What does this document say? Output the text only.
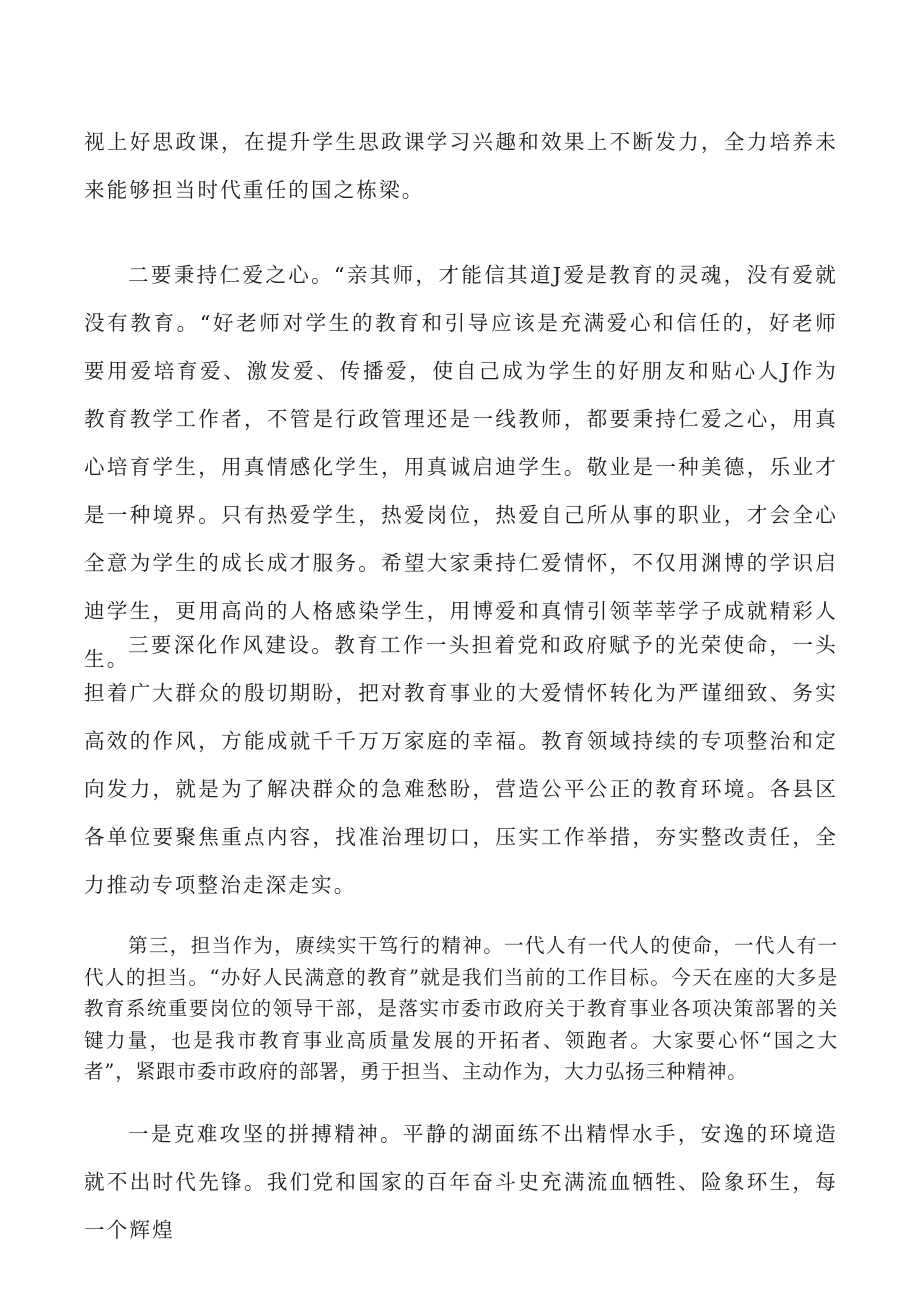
视上好思政课，在提升学生思政课学习兴趣和效果上不断发力，全力培养未来能够担当时代重任的国之栋梁。

二要秉持仁爱之心。“亲其师，才能信其道J爱是教育的灵魂，没有爱就没有教育。“好老师对学生的教育和引导应该是充满爱心和信任的，好老师要用爱培育爱、激发爱、传播爱，使自己成为学生的好朋友和贴心人J作为教育教学工作者，不管是行政管理还是一线教师，都要秉持仁爱之心，用真心培育学生，用真情感化学生，用真诚启迪学生。敬业是一种美德，乐业才是一种境界。只有热爱学生，热爱岗位，热爱自己所从事的职业，才会全心全意为学生的成长成才服务。希望大家秉持仁爱情怀，不仅用渊博的学识启迪学生，更用高尚的人格感染学生，用博爱和真情引领莘莘学子成就精彩人生。

三要深化作风建设。教育工作一头担着党和政府赋予的光荣使命，一头担着广大群众的殷切期盼，把对教育事业的大爱情怀转化为严谨细致、务实高效的作风，方能成就千千万万家庭的幸福。教育领域持续的专项整治和定向发力，就是为了解决群众的急难愁盼，营造公平公正的教育环境。各县区各单位要聚焦重点内容，找准治理切口，压实工作举措，夯实整改责任，全力推动专项整治走深走实。

第三，担当作为，赓续实干笃行的精神。一代人有一代人的使命，一代人有一代人的担当。“办好人民满意的教育”就是我们当前的工作目标。今天在座的大多是教育系统重要岗位的领导干部，是落实市委市政府关于教育事业各项决策部署的关键力量，也是我市教育事业高质量发展的开拓者、领跑者。大家要心怀“国之大者”，紧跟市委市政府的部署，勇于担当、主动作为，大力弘扬三种精神。

一是克难攻坚的拼搏精神。平静的湖面练不出精悍水手，安逸的环境造就不出时代先锋。我们党和国家的百年奋斗史充满流血牺牲、险象环生，每一个辉煌
